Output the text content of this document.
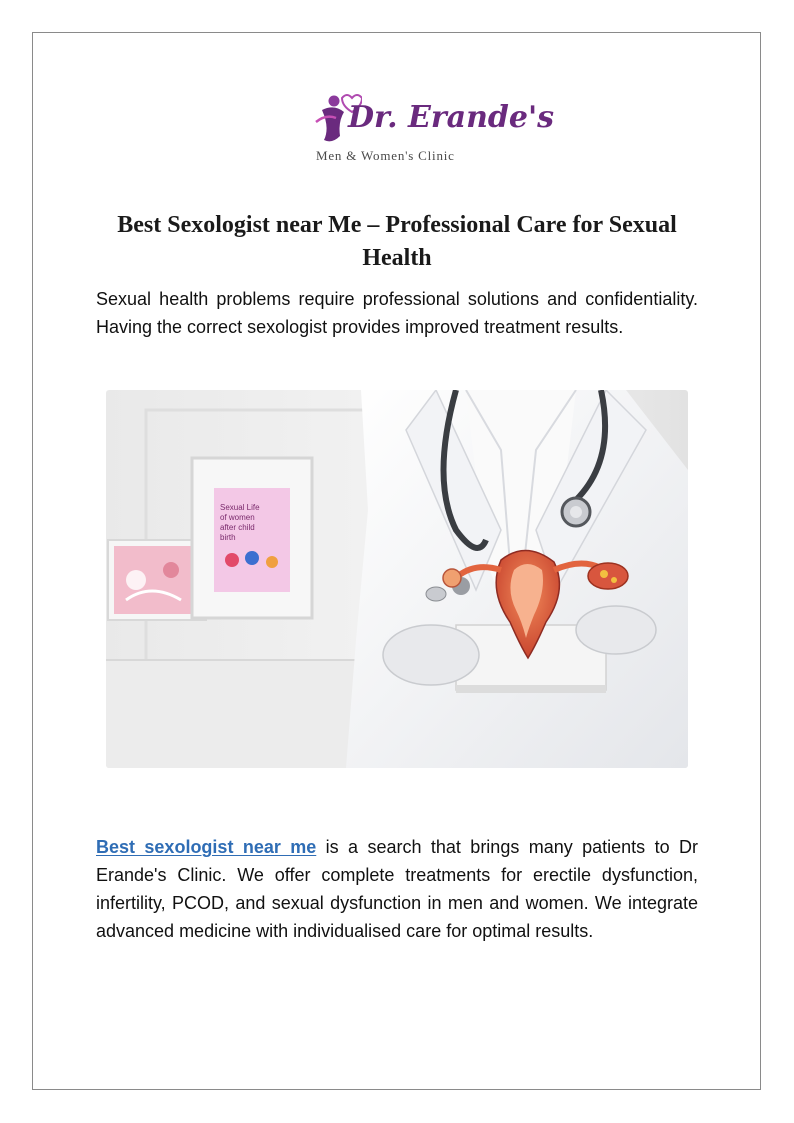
Dr. Erande's
Men & Women's Clinic
Best Sexologist near Me – Professional Care for Sexual Health

Sexual health problems require professional solutions and confidentiality. Having the correct sexologist provides improved treatment results.

Sexual Life
of women
after child
birth

Best sexologist near me is a search that brings many patients to Dr Erande's Clinic. We offer complete treatments for erectile dysfunction, infertility, PCOD, and sexual dysfunction in men and women. We integrate advanced medicine with individualised care for optimal results.
